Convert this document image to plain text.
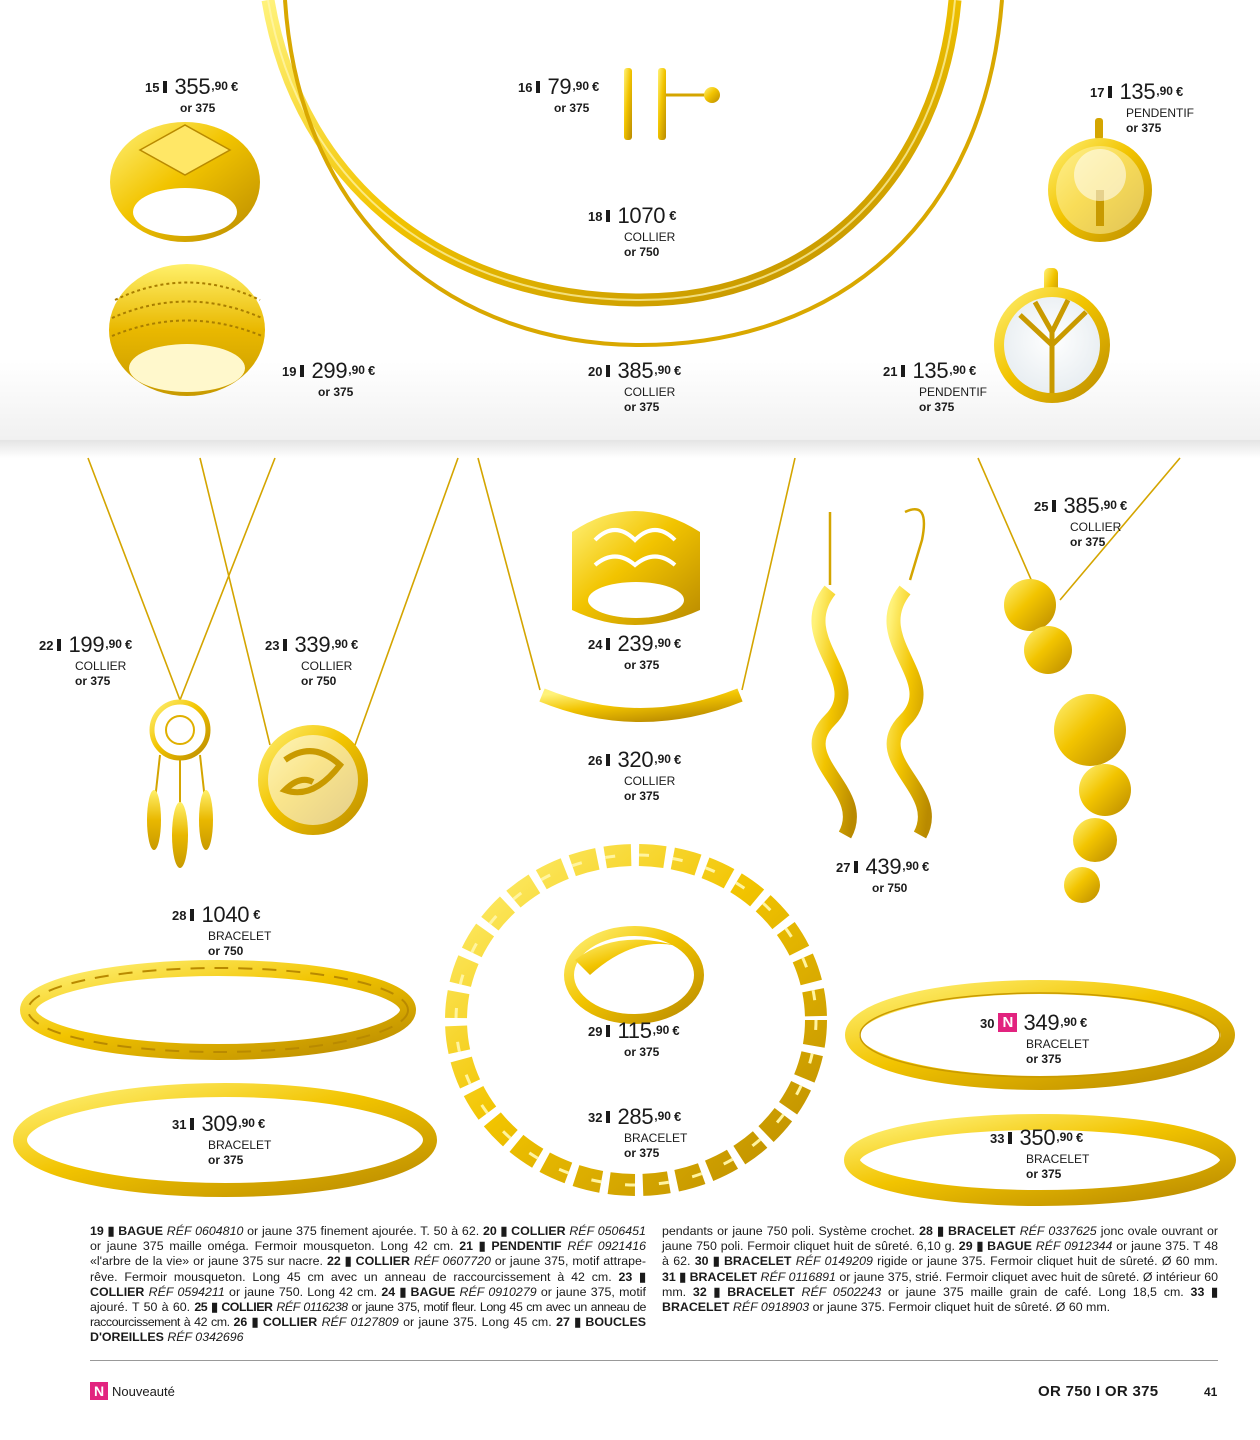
15 355 ,90 €
or 375
16 79 ,90 €
or 375
17 135 ,90 €
PENDENTIF
or 375
18 1070 €
COLLIER
or 750
19 299 ,90 €
or 375
20 385 ,90 €
COLLIER
or 375
21 135 ,90 €
PENDENTIF
or 375
22 199 ,90 €
COLLIER
or 375
23 339 ,90 €
COLLIER
or 750
24 239 ,90 €
or 375
25 385 ,90 €
COLLIER
or 375
26 320 ,90 €
COLLIER
or 375
27 439 ,90 €
or 750
28 1040 €
BRACELET
or 750
29 115 ,90 €
or 375
30 N 349 ,90 €
BRACELET
or 375
31 309 ,90 €
BRACELET
or 375
32 285 ,90 €
BRACELET
or 375
33 350 ,90 €
BRACELET
or 375
19 ▮ BAGUE RÉF 0604810 or jaune 375 finement ajourée. T. 50 à 62. 20 ▮ COLLIER RÉF 0506451 or jaune 375 maille oméga. Fermoir mousqueton. Long 42 cm. 21 ▮ PENDENTIF RÉF 0921416 «l'arbre de la vie» or jaune 375 sur nacre. 22 ▮ COLLIER RÉF 0607720 or jaune 375, motif attrape-rêve. Fermoir mousqueton. Long 45 cm avec un anneau de raccourcissement à 42 cm. 23 ▮ COLLIER RÉF 0594211 or jaune 750. Long 42 cm. 24 ▮ BAGUE RÉF 0910279 or jaune 375, motif ajouré. T 50 à 60. 25 ▮ COLLIER RÉF 0116238 or jaune 375, motif fleur. Long 45 cm avec un anneau de raccourcissement à 42 cm. 26 ▮ COLLIER RÉF 0127809 or jaune 375. Long 45 cm. 27 ▮ BOUCLES D'OREILLES RÉF 0342696
pendants or jaune 750 poli. Système crochet. 28 ▮ BRACELET RÉF 0337625 jonc ovale ouvrant or jaune 750 poli. Fermoir cliquet huit de sûreté. 6,10 g. 29 ▮ BAGUE RÉF 0912344 or jaune 375. T 48 à 62. 30 ▮ BRACELET RÉF 0149209 rigide or jaune 375. Fermoir cliquet huit de sûreté. Ø 60 mm. 31 ▮ BRACELET RÉF 0116891 or jaune 375, strié. Fermoir cliquet avec huit de sûreté. Ø intérieur 60 mm. 32 ▮ BRACELET RÉF 0502243 or jaune 375 maille grain de café. Long 18,5 cm. 33 ▮ BRACELET RÉF 0918903 or jaune 375. Fermoir cliquet huit de sûreté. Ø 60 mm.
N Nouveauté	OR 750 I OR 375	41
